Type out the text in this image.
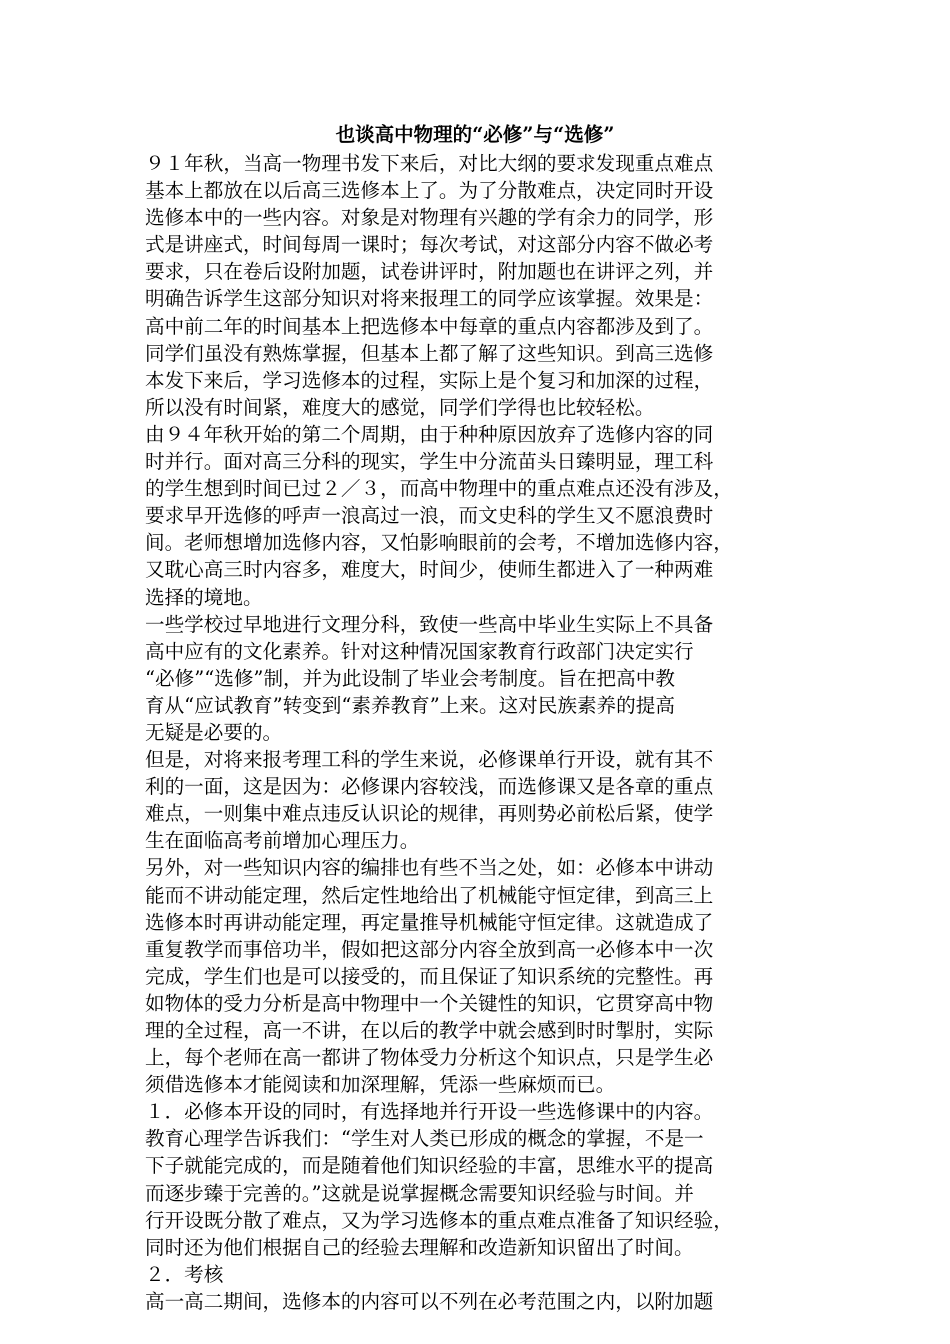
也谈高中物理的“必修”与“选修”
９１年秋，当高一物理书发下来后，对比大纲的要求发现重点难点
基本上都放在以后高三选修本上了。为了分散难点，决定同时开设
选修本中的一些内容。对象是对物理有兴趣的学有余力的同学，形
式是讲座式，时间每周一课时；每次考试，对这部分内容不做必考
要求，只在卷后设附加题，试卷讲评时，附加题也在讲评之列，并
明确告诉学生这部分知识对将来报理工的同学应该掌握。效果是：
高中前二年的时间基本上把选修本中每章的重点内容都涉及到了。
同学们虽没有熟炼掌握，但基本上都了解了这些知识。到高三选修
本发下来后，学习选修本的过程，实际上是个复习和加深的过程，
所以没有时间紧，难度大的感觉，同学们学得也比较轻松。
由９４年秋开始的第二个周期，由于种种原因放弃了选修内容的同
时并行。面对高三分科的现实，学生中分流苗头日臻明显，理工科
的学生想到时间已过２／３，而高中物理中的重点难点还没有涉及，
要求早开选修的呼声一浪高过一浪，而文史科的学生又不愿浪费时
间。老师想增加选修内容，又怕影响眼前的会考，不增加选修内容，
又耽心高三时内容多，难度大，时间少，使师生都进入了一种两难
选择的境地。
一些学校过早地进行文理分科，致使一些高中毕业生实际上不具备
高中应有的文化素养。针对这种情况国家教育行政部门决定实行
“必修”“选修”制，并为此设制了毕业会考制度。旨在把高中教
育从“应试教育”转变到“素养教育”上来。这对民族素养的提高
无疑是必要的。
但是，对将来报考理工科的学生来说，必修课单行开设，就有其不
利的一面，这是因为：必修课内容较浅，而选修课又是各章的重点
难点，一则集中难点违反认识论的规律，再则势必前松后紧，使学
生在面临高考前增加心理压力。
另外，对一些知识内容的编排也有些不当之处，如：必修本中讲动
能而不讲动能定理，然后定性地给出了机械能守恒定律，到高三上
选修本时再讲动能定理，再定量推导机械能守恒定律。这就造成了
重复教学而事倍功半，假如把这部分内容全放到高一必修本中一次
完成，学生们也是可以接受的，而且保证了知识系统的完整性。再
如物体的受力分析是高中物理中一个关键性的知识，它贯穿高中物
理的全过程，高一不讲，在以后的教学中就会感到时时掣肘，实际
上，每个老师在高一都讲了物体受力分析这个知识点，只是学生必
须借选修本才能阅读和加深理解，凭添一些麻烦而已。
１．必修本开设的同时，有选择地并行开设一些选修课中的内容。
教育心理学告诉我们：“学生对人类已形成的概念的掌握，不是一
下子就能完成的，而是随着他们知识经验的丰富，思维水平的提高
而逐步臻于完善的。”这就是说掌握概念需要知识经验与时间。并
行开设既分散了难点，又为学习选修本的重点难点准备了知识经验，
同时还为他们根据自己的经验去理解和改造新知识留出了时间。
２．考核
高一高二期间，选修本的内容可以不列在必考范围之内，以附加题
